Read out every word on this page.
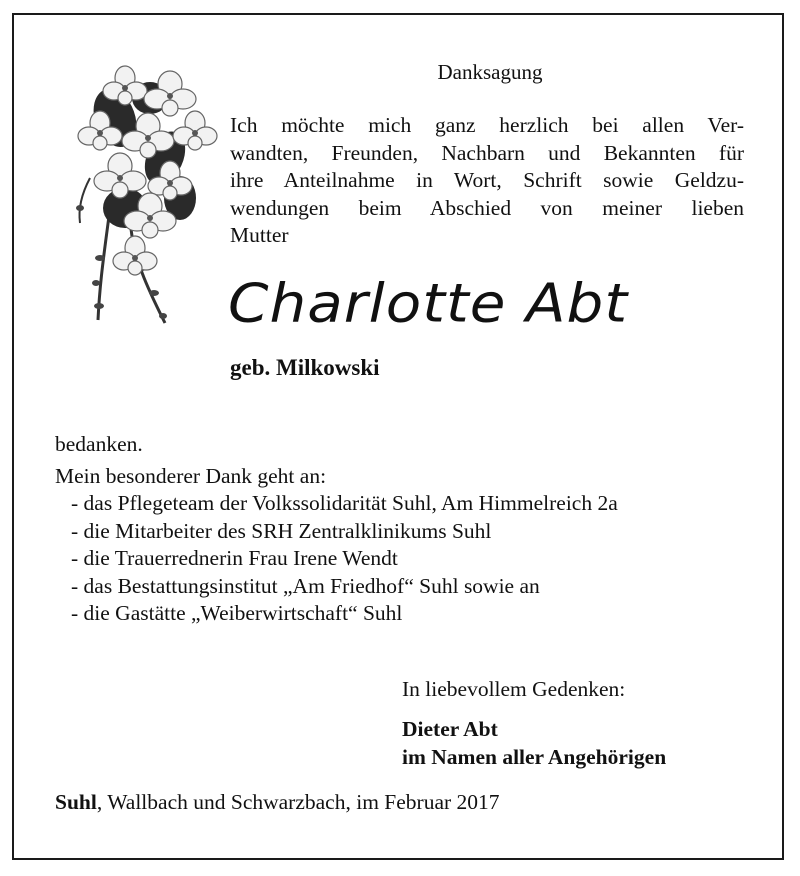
Danksagung
Ich möchte mich ganz herzlich bei allen Ver-
wandten, Freunden, Nachbarn und Bekannten für
ihre Anteilnahme in Wort, Schrift sowie Geldzu-
wendungen beim Abschied von meiner lieben
Mutter
Charlotte Abt
geb. Milkowski
bedanken.
Mein besonderer Dank geht an:
- das Pflegeteam der Volkssolidarität Suhl, Am Himmelreich 2a
- die Mitarbeiter des SRH Zentralklinikums Suhl
- die Trauerrednerin Frau Irene Wendt
- das Bestattungsinstitut „Am Friedhof“ Suhl sowie an
- die Gastätte „Weiberwirtschaft“ Suhl
In liebevollem Gedenken:
Dieter Abt
im Namen aller Angehörigen
Suhl, Wallbach und Schwarzbach, im Februar 2017
